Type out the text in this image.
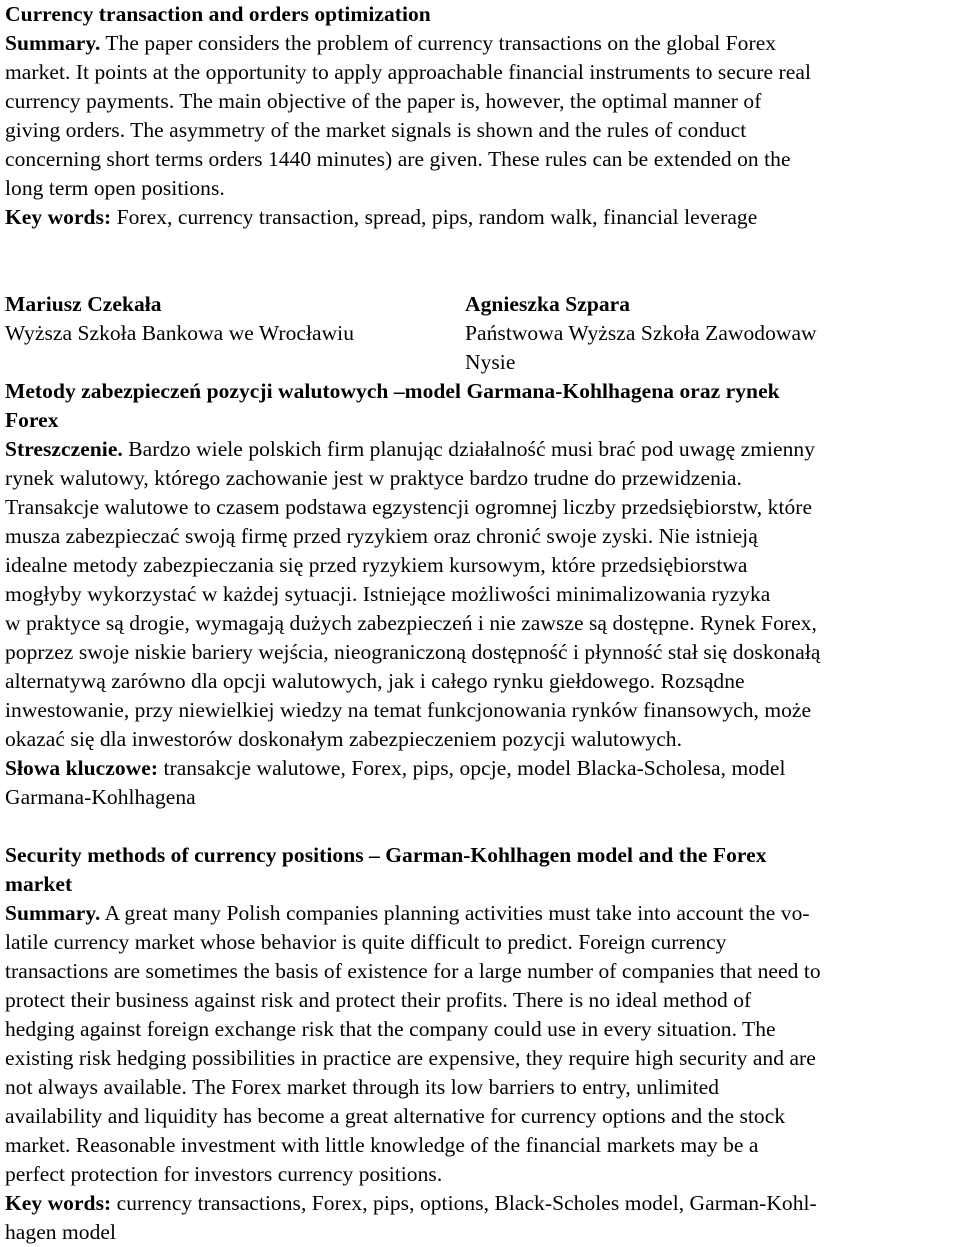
Currency transaction and orders optimization
Summary. The paper considers the problem of currency transactions on the global Forex
market. It points at the opportunity to apply approachable financial instruments to secure real
currency payments. The main objective of the paper is, however, the optimal manner of
giving orders. The asymmetry of the market signals is shown and the rules of conduct
concerning short terms orders 1440 minutes) are given. These rules can be extended on the
long term open positions.
Key words: Forex, currency transaction, spread, pips, random walk, financial leverage
Mariusz Czekała
Wyższa Szkoła Bankowa we Wrocławiu
Agnieszka Szpara
Państwowa Wyższa Szkoła Zawodowaw
Nysie
Metody zabezpieczeń pozycji walutowych –model Garmana-Kohlhagena oraz rynek
Forex
Streszczenie. Bardzo wiele polskich firm planując działalność musi brać pod uwagę zmienny
rynek walutowy, którego zachowanie jest w praktyce bardzo trudne do przewidzenia.
Transakcje walutowe to czasem podstawa egzystencji ogromnej liczby przedsiębiorstw, które
musza zabezpieczać swoją firmę przed ryzykiem oraz chronić swoje zyski. Nie istnieją
idealne metody zabezpieczania się przed ryzykiem kursowym, które przedsiębiorstwa
mogłyby wykorzystać w każdej sytuacji. Istniejące możliwości minimalizowania ryzyka
w praktyce są drogie, wymagają dużych zabezpieczeń i nie zawsze są dostępne. Rynek Forex,
poprzez swoje niskie bariery wejścia, nieograniczoną dostępność i płynność stał się doskonałą
alternatywą zarówno dla opcji walutowych, jak i całego rynku giełdowego. Rozsądne
inwestowanie, przy niewielkiej wiedzy na temat funkcjonowania rynków finansowych, może
okazać się dla inwestorów doskonałym zabezpieczeniem pozycji walutowych.
Słowa kluczowe: transakcje walutowe, Forex, pips, opcje, model Blacka-Scholesa, model
Garmana-Kohlhagena
Security methods of currency positions – Garman-Kohlhagen model and the Forex
market
Summary. A great many Polish companies planning activities must take into account the vo-
latile currency market whose behavior is quite difficult to predict. Foreign currency
transactions are sometimes the basis of existence for a large number of companies that need to
protect their business against risk and protect their profits. There is no ideal method of
hedging against foreign exchange risk that the company could use in every situation. The
existing risk hedging possibilities in practice are expensive, they require high security and are
not always available. The Forex market through its low barriers to entry, unlimited
availability and liquidity has become a great alternative for currency options and the stock
market. Reasonable investment with little knowledge of the financial markets may be a
perfect protection for investors currency positions.
Key words: currency transactions, Forex, pips, options, Black-Scholes model, Garman-Kohl-
hagen model
